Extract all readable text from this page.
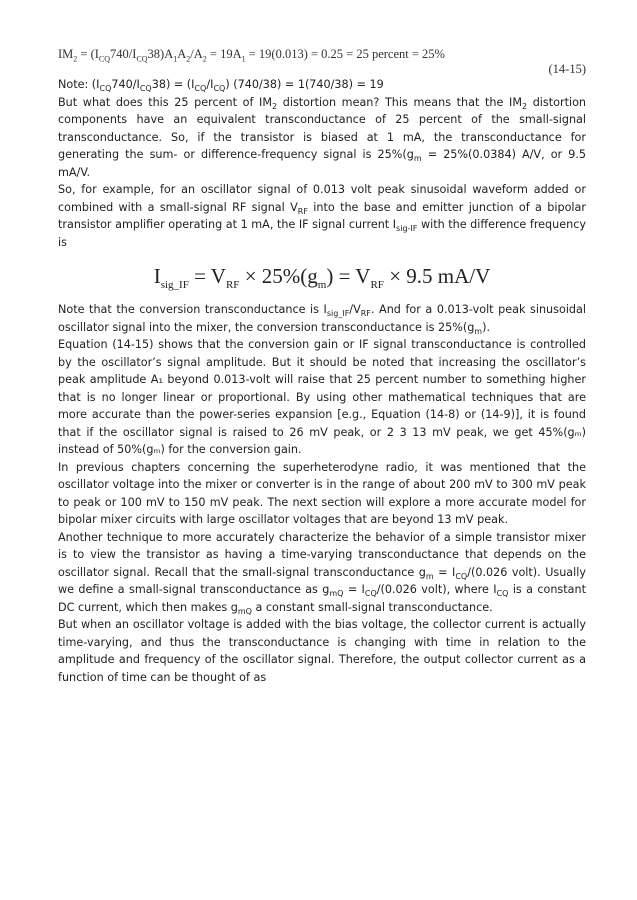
$IM_2 = (I_{CQ}740/I_{CQ}38)A_1A_2/A_2 = 19A_1 = 19(0.013) = 0.25 = 25$ percent = 25%
(14-15)

Note: $(I_{CQ}740/I_{CQ}38) = (I_{CQ}/I_{CQ}) (740/38) = 1(740/38) = 19$

But what does this 25 percent of $IM_2$ distortion mean? This means that the $IM_2$ distortion components have an equivalent transconductance of 25 percent of the small-signal transconductance. So, if the transistor is biased at 1 mA, the transconductance for generating the sum- or difference-frequency signal is $25\%(g_m = 25\%(0.0384)$ A/V, or 9.5 mA/V.

So, for example, for an oscillator signal of 0.013 volt peak sinusoidal waveform added or combined with a small-signal RF signal $V_{RF}$ into the base and emitter junction of a bipolar transistor amplifier operating at 1 mA, the IF signal current $I_{sig-IF}$ with the difference frequency is

$I_{sig\_IF} = V_{RF} \times 25\%(g_m) = V_{RF} \times 9.5$ mA/V

Note that the conversion transconductance is $I_{sig\_IF}/V_{RF}$. And for a 0.013-volt peak sinusoidal oscillator signal into the mixer, the conversion transconductance is $25\%(g_m)$.

Equation (14-15) shows that the conversion gain or IF signal transconductance is controlled by the oscillator’s signal amplitude. But it should be noted that increasing the oscillator’s peak amplitude A₁ beyond 0.013-volt will raise that 25 percent number to something higher that is no longer linear or proportional. By using other mathematical techniques that are more accurate than the power-series expansion [e.g., Equation (14-8) or (14-9)], it is found that if the oscillator signal is raised to 26 mV peak, or 2 3 13 mV peak, we get 45%(gₘ) instead of 50%(gₘ) for the conversion gain.

In previous chapters concerning the superheterodyne radio, it was mentioned that the oscillator voltage into the mixer or converter is in the range of about 200 mV to 300 mV peak to peak or 100 mV to 150 mV peak. The next section will explore a more accurate model for bipolar mixer circuits with large oscillator voltages that are beyond 13 mV peak.

Another technique to more accurately characterize the behavior of a simple transistor mixer is to view the transistor as having a time-varying transconductance that depends on the oscillator signal. Recall that the small-signal transconductance $g_m = I_{CQ}/(0.026$ volt). Usually we define a small-signal transconductance as $g_{mQ} = I_{CQ}/(0.026$ volt), where $I_{CQ}$ is a constant DC current, which then makes $g_{mQ}$ a constant small-signal transconductance.

But when an oscillator voltage is added with the bias voltage, the collector current is actually time-varying, and thus the transconductance is changing with time in relation to the amplitude and frequency of the oscillator signal. Therefore, the output collector current as a function of time can be thought of as
